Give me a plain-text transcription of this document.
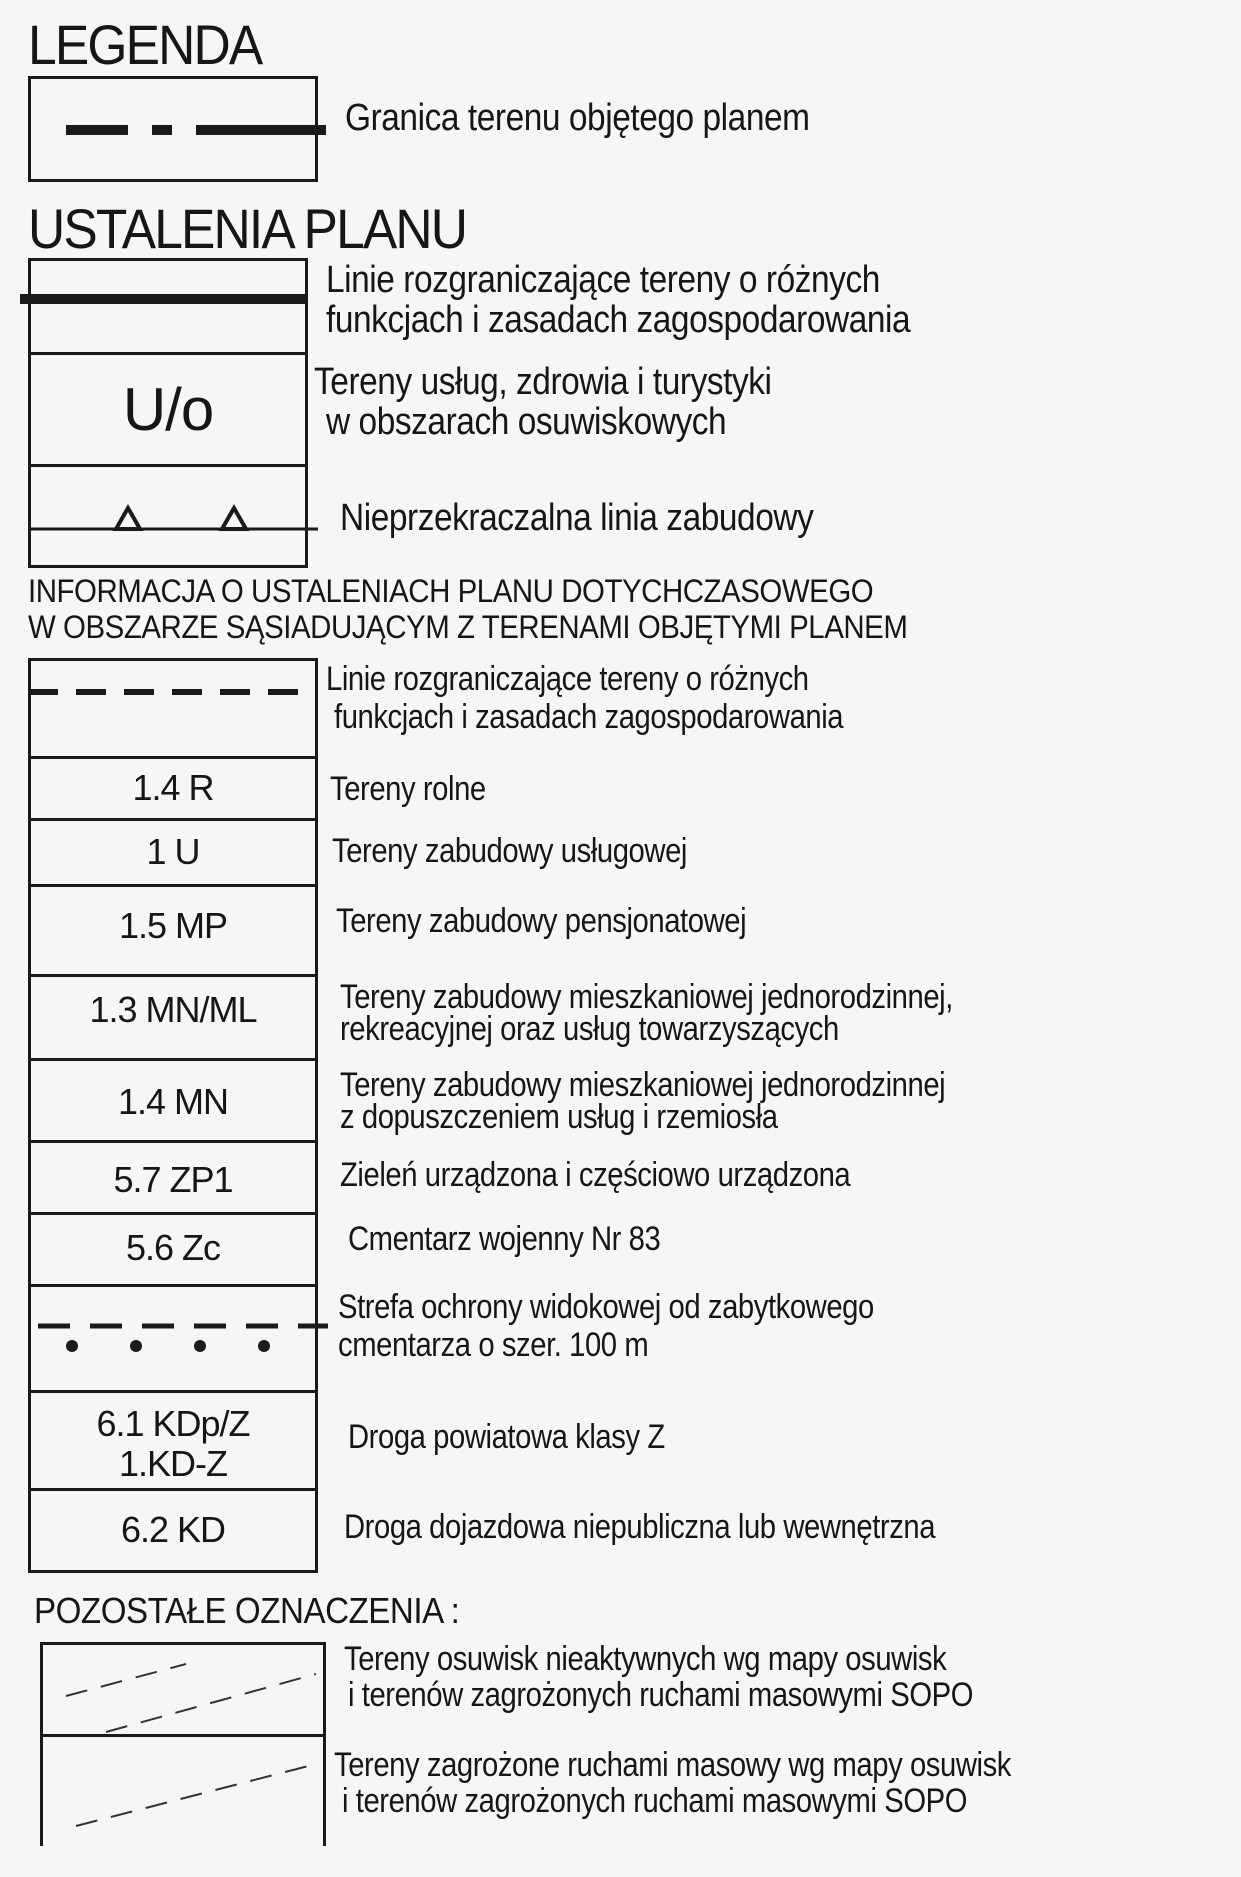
LEGENDA
Granica terenu objętego planem
USTALENIA PLANU
U/o
Linie rozgraniczające tereny o różnych
funkcjach i zasadach zagospodarowania
Tereny usług, zdrowia i turystyki
w obszarach osuwiskowych
Nieprzekraczalna linia zabudowy
INFORMACJA O USTALENIACH PLANU DOTYCHCZASOWEGO
W OBSZARZE SĄSIADUJĄCYM Z TERENAMI OBJĘTYMI PLANEM
1.4 R
1 U
1.5 MP
1.3 MN/ML
1.4 MN
5.7 ZP1
5.6 Zc
6.1 KDp/Z
1.KD-Z
6.2 KD
Linie rozgraniczające tereny o różnych
funkcjach i zasadach zagospodarowania
Tereny rolne
Tereny zabudowy usługowej
Tereny zabudowy pensjonatowej
Tereny zabudowy mieszkaniowej jednorodzinnej,
rekreacyjnej oraz usług towarzyszących
Tereny zabudowy mieszkaniowej jednorodzinnej
z dopuszczeniem usług i rzemiosła
Zieleń urządzona i częściowo urządzona
Cmentarz wojenny Nr 83
Strefa ochrony widokowej od zabytkowego
cmentarza o szer. 100 m
Droga powiatowa klasy Z
Droga dojazdowa niepubliczna lub wewnętrzna
POZOSTAŁE OZNACZENIA :
Tereny osuwisk nieaktywnych wg mapy osuwisk
i terenów zagrożonych ruchami masowymi SOPO
Tereny zagrożone ruchami masowy wg mapy osuwisk
i terenów zagrożonych ruchami masowymi SOPO
